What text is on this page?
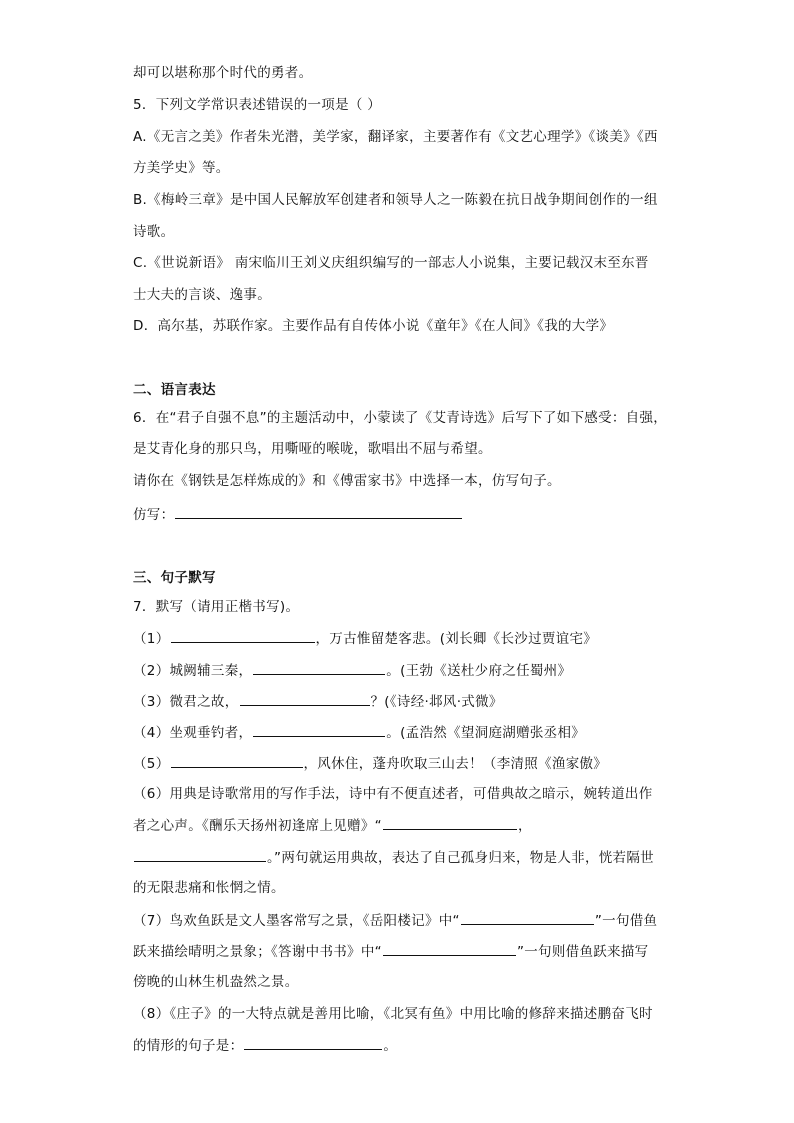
却可以堪称那个时代的勇者。
5．下列文学常识表述错误的一项是（ ）
A.《无言之美》作者朱光潜，美学家，翻译家，主要著作有《文艺心理学》《谈美》《西
方美学史》等。
B.《梅岭三章》是中国人民解放军创建者和领导人之一陈毅在抗日战争期间创作的一组
诗歌。
C.《世说新语》 南宋临川王刘义庆组织编写的一部志人小说集，主要记载汉末至东晋
士大夫的言谈、逸事。
D．高尔基，苏联作家。主要作品有自传体小说《童年》《在人间》《我的大学》
二、语言表达
6．在“君子自强不息”的主题活动中，小蒙读了《艾青诗选》后写下了如下感受：自强，
是艾青化身的那只鸟，用嘶哑的喉咙，歌唱出不屈与希望。
请你在《钢铁是怎样炼成的》和《傅雷家书》中选择一本，仿写句子。
仿写：
三、句子默写
7．默写（请用正楷书写)。
（1）	，万古惟留楚客悲。(刘长卿《长沙过贾谊宅》
（2）城阙辅三秦，	。(王勃《送杜少府之任蜀州》
（3）微君之故，	？(《诗经·邶风·式微》
（4）坐观垂钓者，	。(孟浩然《望洞庭湖赠张丞相》
（5）	，风休住，蓬舟吹取三山去！（李清照《渔家傲》
（6）用典是诗歌常用的写作手法，诗中有不便直述者，可借典故之暗示，婉转道出作
者之心声。《酬乐天扬州初逢席上见赠》“	，
。”两句就运用典故，表达了自己孤身归来，物是人非，恍若隔世
的无限悲痛和怅惘之情。
（7）鸟欢鱼跃是文人墨客常写之景，《岳阳楼记》中“	”一句借鱼
跃来描绘晴明之景象；《答谢中书书》中“	”一句则借鱼跃来描写
傍晚的山林生机盎然之景。
（8）《庄子》的一大特点就是善用比喻，《北冥有鱼》中用比喻的修辞来描述鹏奋飞时
的情形的句子是：	。
